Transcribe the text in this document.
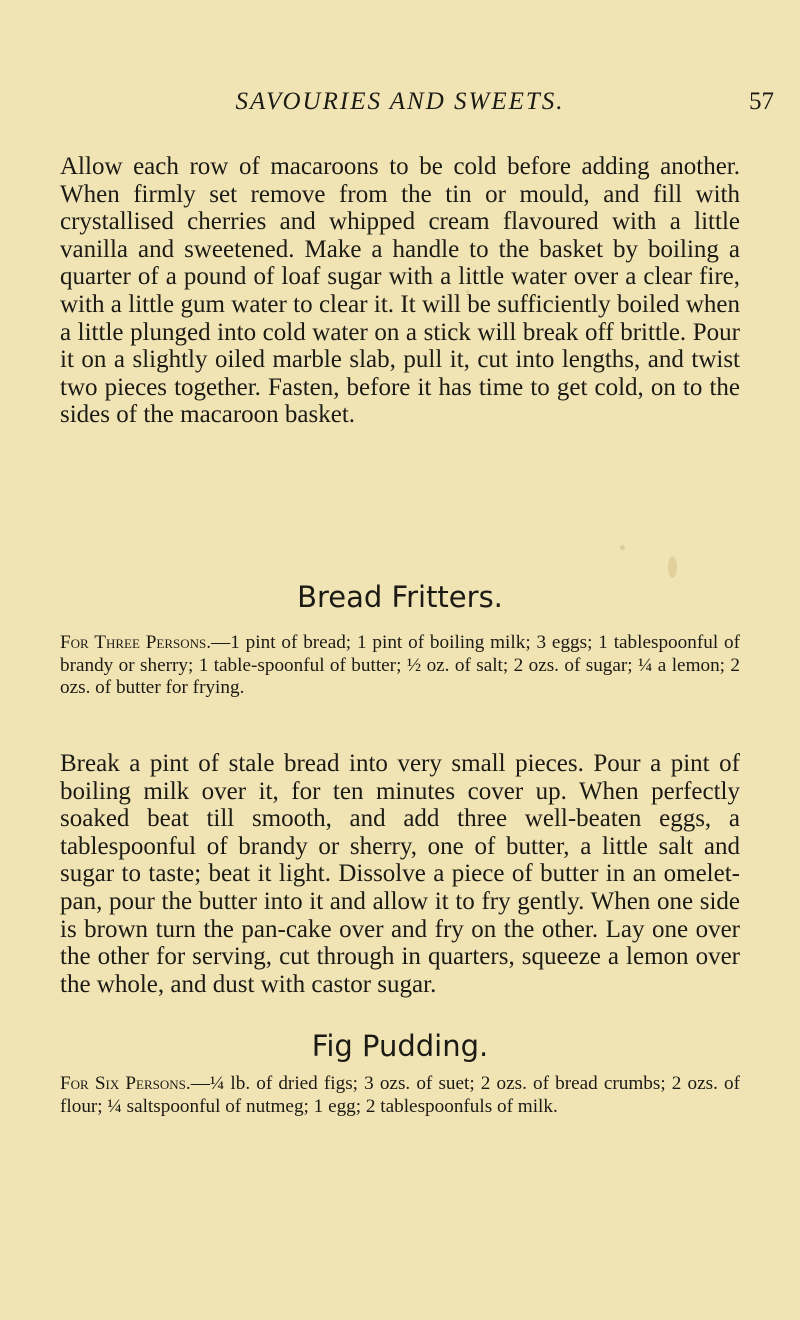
SAVOURIES AND SWEETS.	57

Allow each row of macaroons to be cold before adding another. When firmly set remove from the tin or mould, and fill with crystallised cherries and whipped cream flavoured with a little vanilla and sweetened. Make a handle to the basket by boiling a quarter of a pound of loaf sugar with a little water over a clear fire, with a little gum water to clear it. It will be sufficiently boiled when a little plunged into cold water on a stick will break off brittle. Pour it on a slightly oiled marble slab, pull it, cut into lengths, and twist two pieces together. Fasten, before it has time to get cold, on to the sides of the macaroon basket.

Bread Fritters.

For Three Persons.—1 pint of bread; 1 pint of boiling milk; 3 eggs; 1 tablespoonful of brandy or sherry; 1 table-spoonful of butter; ½ oz. of salt; 2 ozs. of sugar; ¼ a lemon; 2 ozs. of butter for frying.

Break a pint of stale bread into very small pieces. Pour a pint of boiling milk over it, for ten minutes cover up. When perfectly soaked beat till smooth, and add three well-beaten eggs, a tablespoonful of brandy or sherry, one of butter, a little salt and sugar to taste; beat it light. Dissolve a piece of butter in an omelet-pan, pour the butter into it and allow it to fry gently. When one side is brown turn the pan-cake over and fry on the other. Lay one over the other for serving, cut through in quarters, squeeze a lemon over the whole, and dust with castor sugar.

Fig Pudding.

For Six Persons.—¼ lb. of dried figs; 3 ozs. of suet; 2 ozs. of bread crumbs; 2 ozs. of flour; ¼ saltspoonful of nutmeg; 1 egg; 2 tablespoonfuls of milk.
